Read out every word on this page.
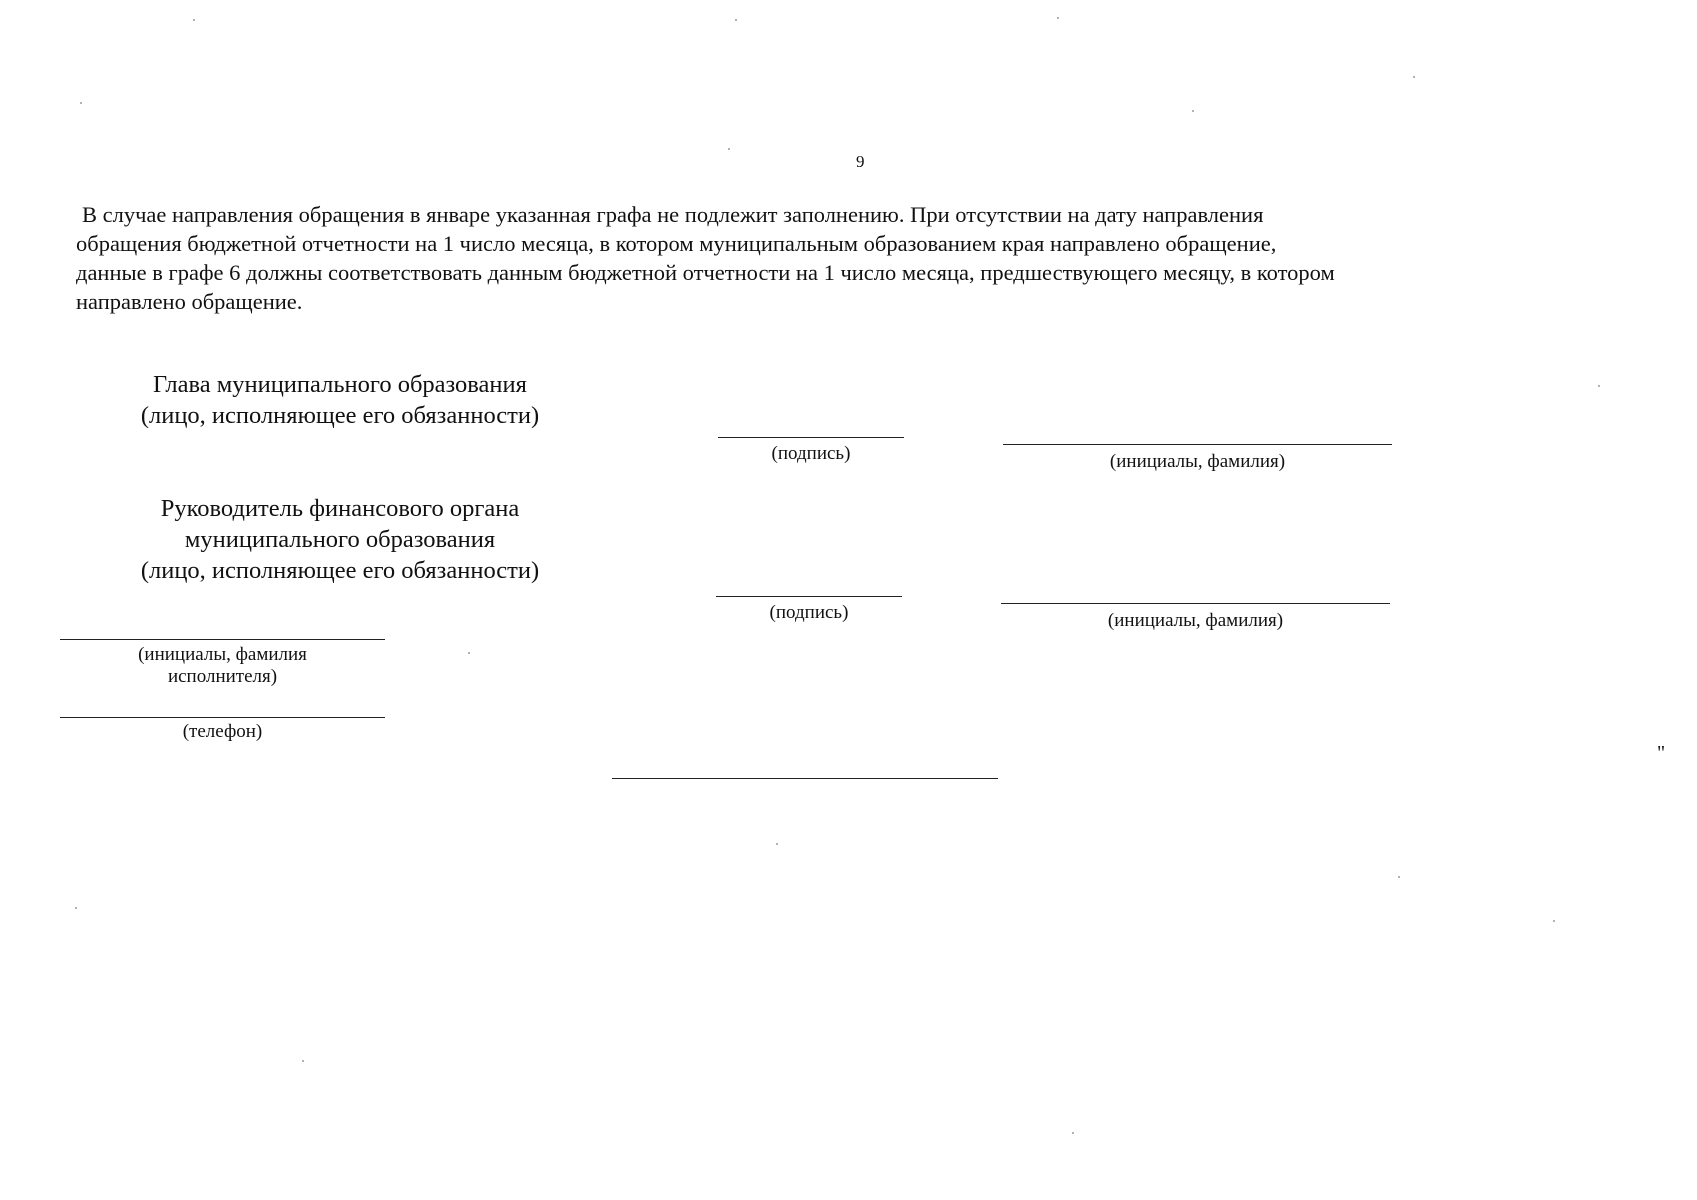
9
В случае направления обращения в январе указанная графа не подлежит заполнению. При отсутствии на дату направления
обращения бюджетной отчетности на 1 число месяца, в котором муниципальным образованием края направлено обращение,
данные в графе 6 должны соответствовать данным бюджетной отчетности на 1 число месяца, предшествующего месяцу, в котором
направлено обращение.
Глава муниципального образования
(лицо, исполняющее его обязанности)
(подпись)	(инициалы, фамилия)
Руководитель финансового органа
муниципального образования
(лицо, исполняющее его обязанности)
(подпись)	(инициалы, фамилия)
(инициалы, фамилия
исполнителя)
(телефон)
"
